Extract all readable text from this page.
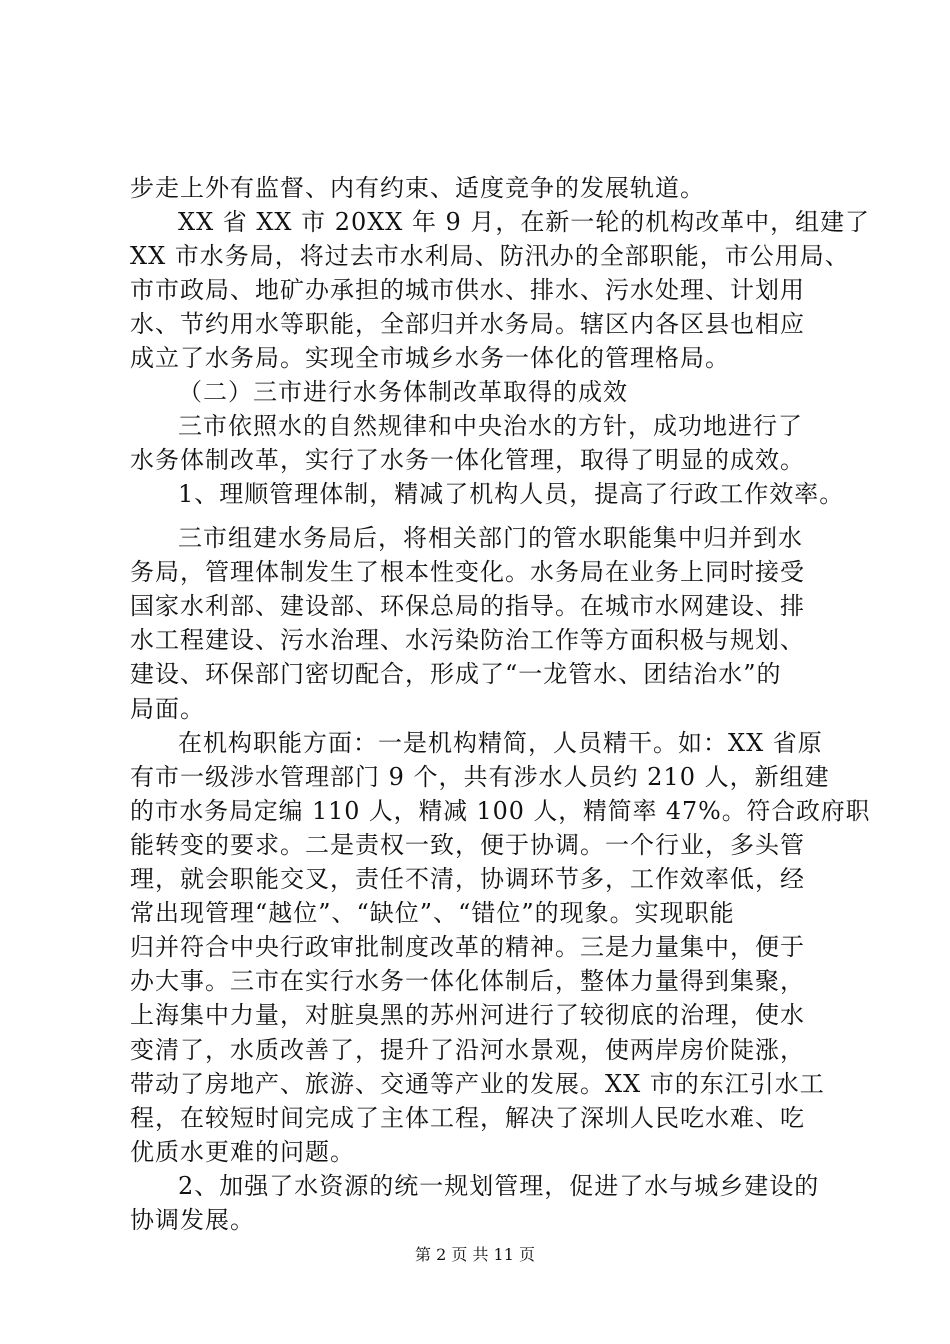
步走上外有监督、内有约束、适度竞争的发展轨道。
XX 省 XX 市 20XX 年 9 月，在新一轮的机构改革中，组建了
XX 市水务局，将过去市水利局、防汛办的全部职能，市公用局、
市市政局、地矿办承担的城市供水、排水、污水处理、计划用
水、节约用水等职能，全部归并水务局。辖区内各区县也相应
成立了水务局。实现全市城乡水务一体化的管理格局。
（二）三市进行水务体制改革取得的成效
三市依照水的自然规律和中央治水的方针，成功地进行了
水务体制改革，实行了水务一体化管理，取得了明显的成效。
1、理顺管理体制，精减了机构人员，提高了行政工作效率。
三市组建水务局后，将相关部门的管水职能集中归并到水
务局，管理体制发生了根本性变化。水务局在业务上同时接受
国家水利部、建设部、环保总局的指导。在城市水网建设、排
水工程建设、污水治理、水污染防治工作等方面积极与规划、
建设、环保部门密切配合，形成了“一龙管水、团结治水”的
局面。
在机构职能方面：一是机构精简，人员精干。如：XX 省原
有市一级涉水管理部门 9 个，共有涉水人员约 210 人，新组建
的市水务局定编 110 人，精减 100 人，精简率 47%。符合政府职
能转变的要求。二是责权一致，便于协调。一个行业，多头管
理，就会职能交叉，责任不清，协调环节多，工作效率低，经
常出现管理“越位”、“缺位”、“错位”的现象。实现职能
归并符合中央行政审批制度改革的精神。三是力量集中，便于
办大事。三市在实行水务一体化体制后，整体力量得到集聚，
上海集中力量，对脏臭黑的苏州河进行了较彻底的治理，使水
变清了，水质改善了，提升了沿河水景观，使两岸房价陡涨，
带动了房地产、旅游、交通等产业的发展。XX 市的东江引水工
程，在较短时间完成了主体工程，解决了深圳人民吃水难、吃
优质水更难的问题。
2、加强了水资源的统一规划管理，促进了水与城乡建设的
协调发展。
第 2 页 共 11 页
